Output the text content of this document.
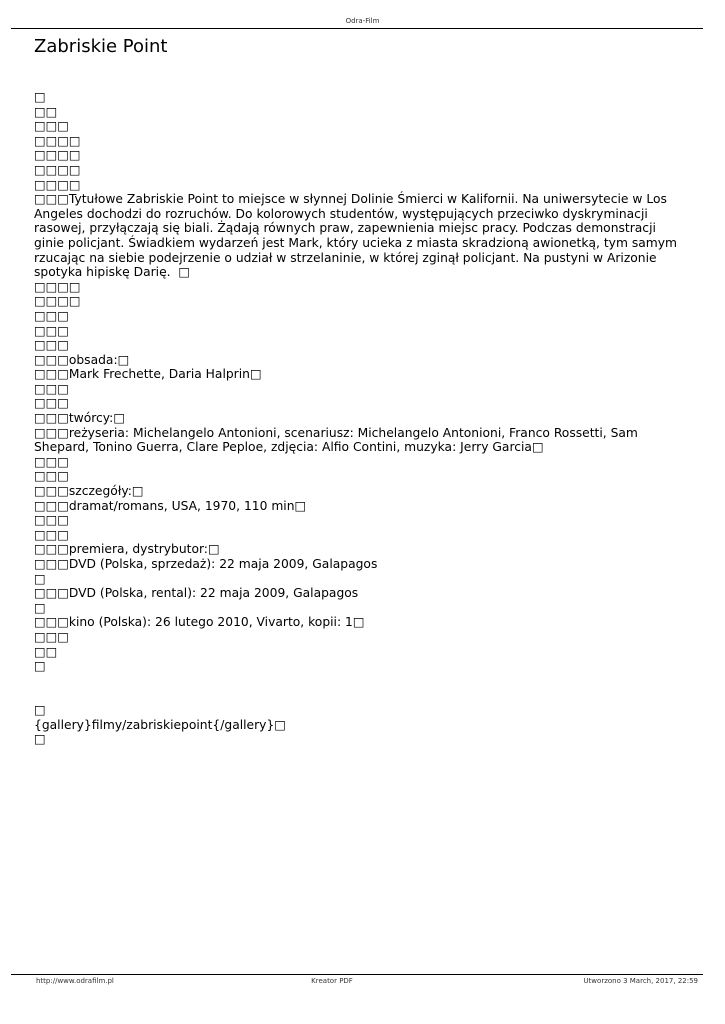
Odra-Film
Zabriskie Point
□
□□
□□□
□□□□
□□□□
□□□□
□□□□
□□□Tytułowe Zabriskie Point to miejsce w słynnej Dolinie Śmierci w Kalifornii. Na uniwersytecie w Los Angeles dochodzi do rozruchów. Do kolorowych studentów, występujących przeciwko dyskryminacji rasowej, przyłączają się biali. Żądają równych praw, zapewnienia miejsc pracy. Podczas demonstracji ginie policjant. Świadkiem wydarzeń jest Mark, który ucieka z miasta skradzioną awionetką, tym samym rzucając na siebie podejrzenie o udział w strzelaninie, w której zginął policjant. Na pustyni w Arizonie spotyka hipiskę Darię.  □
□□□□
□□□□
□□□
□□□
□□□
□□□obsada:□
□□□Mark Frechette, Daria Halprin□
□□□
□□□
□□□twórcy:□
□□□reżyseria: Michelangelo Antonioni, scenariusz: Michelangelo Antonioni, Franco Rossetti, Sam Shepard, Tonino Guerra, Clare Peploe, zdjęcia: Alfio Contini, muzyka: Jerry Garcia□
□□□
□□□
□□□szczegóły:□
□□□dramat/romans, USA, 1970, 110 min□
□□□
□□□
□□□premiera, dystrybutor:□
□□□DVD (Polska, sprzedaż): 22 maja 2009, Galapagos
□
□□□DVD (Polska, rental): 22 maja 2009, Galapagos
□
□□□kino (Polska): 26 lutego 2010, Vivarto, kopii: 1□
□□□
□□
□
□
{gallery}filmy/zabriskiepoint{/gallery}□
□
http://www.odrafilm.pl	Kreator PDF	Utworzono 3 March, 2017, 22:59
